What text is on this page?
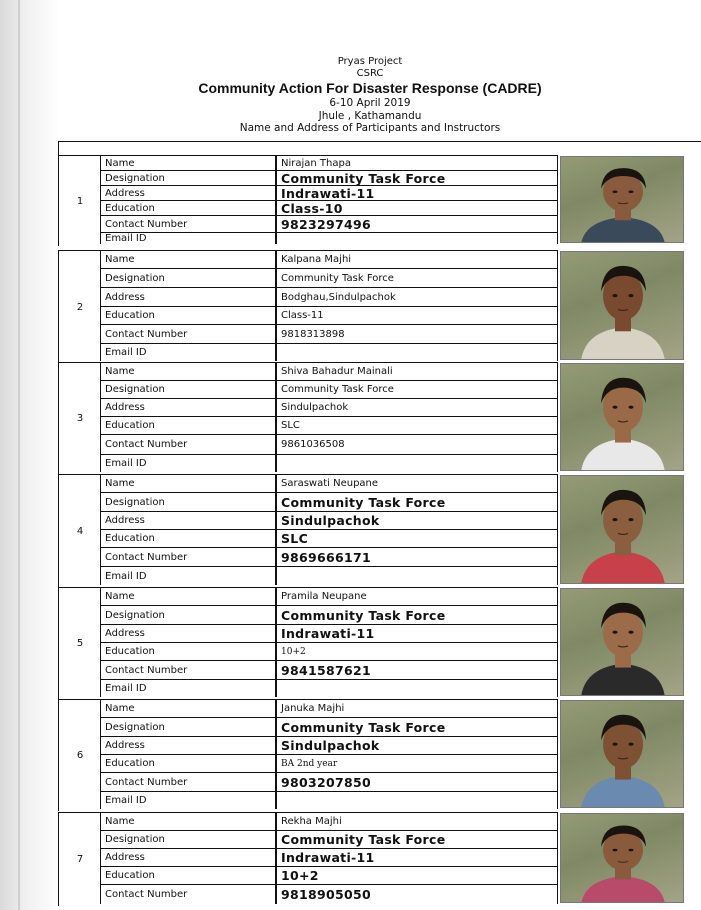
Pryas Project
CSRC
Community Action For Disaster Response (CADRE)
6-10 April 2019
Jhule , Kathamandu
Name and Address of Participants and Instructors
1
Name
Designation
Address
Education
Contact Number
Email ID
Nirajan Thapa
Community Task Force
Indrawati-11
Class-10
9823297496
2
Name
Designation
Address
Education
Contact Number
Email ID
Kalpana Majhi
Community Task Force
Bodghau,Sindulpachok
Class-11
9818313898
3
Name
Designation
Address
Education
Contact Number
Email ID
Shiva Bahadur Mainali
Community Task Force
Sindulpachok
SLC
9861036508
4
Name
Designation
Address
Education
Contact Number
Email ID
Saraswati Neupane
Community Task Force
Sindulpachok
SLC
9869666171
5
Name
Designation
Address
Education
Contact Number
Email ID
Pramila Neupane
Community Task Force
Indrawati-11
10+2
9841587621
6
Name
Designation
Address
Education
Contact Number
Email ID
Januka Majhi
Community Task Force
Sindulpachok
BA 2nd year
9803207850
7
Name
Designation
Address
Education
Contact Number
Rekha Majhi
Community Task Force
Indrawati-11
10+2
9818905050
